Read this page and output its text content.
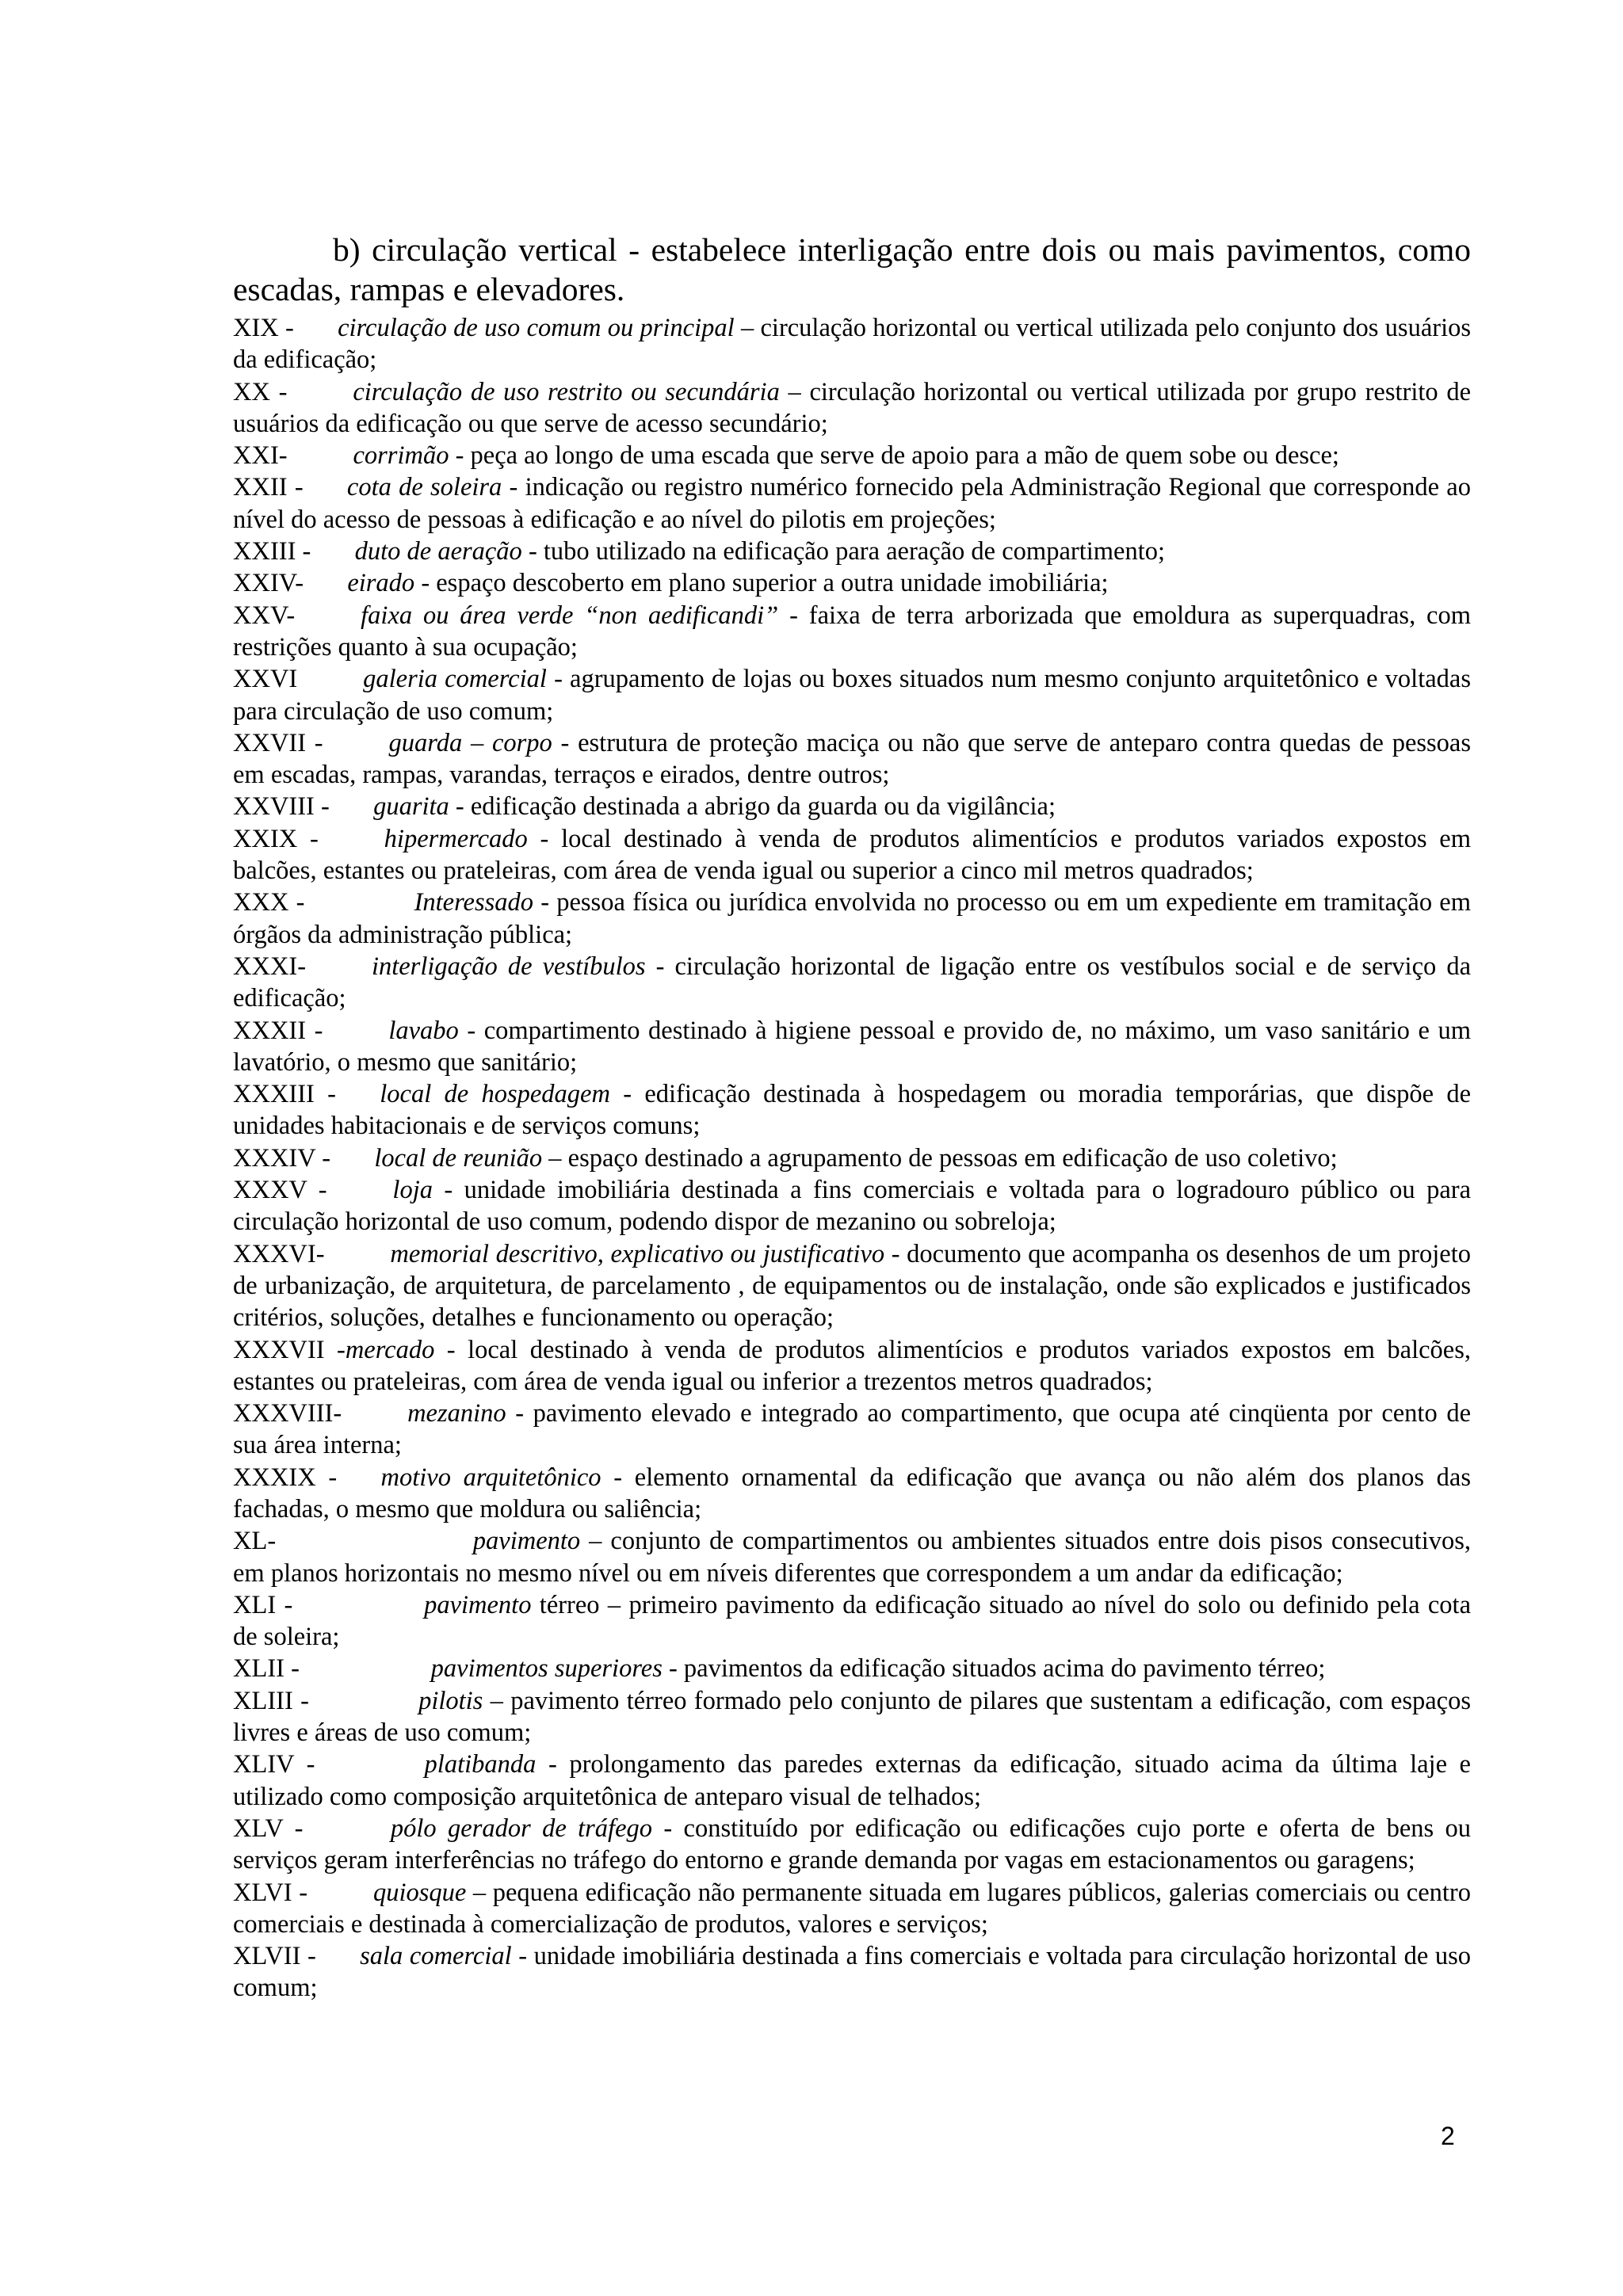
b) circulação vertical - estabelece interligação entre dois ou mais pavimentos, como escadas, rampas e elevadores.

XIX - circulação de uso comum ou principal – circulação horizontal ou vertical utilizada pelo conjunto dos usuários da edificação;

XX -	circulação de uso restrito ou secundária – circulação horizontal ou vertical utilizada por grupo restrito de usuários da edificação ou que serve de acesso secundário;

XXI-	corrimão - peça ao longo de uma escada que serve de apoio para a mão de quem sobe ou desce;

XXII - cota de soleira - indicação ou registro numérico fornecido pela Administração Regional que corresponde ao nível do acesso de pessoas à edificação e ao nível do pilotis em projeções;

XXIII - duto de aeração - tubo utilizado na edificação para aeração de compartimento;

XXIV- eirado - espaço descoberto em plano superior a outra unidade imobiliária;

XXV-	faixa ou área verde “non aedificandi” - faixa de terra arborizada que emoldura as superquadras, com restrições quanto à sua ocupação;

XXVI	galeria comercial - agrupamento de lojas ou boxes situados num mesmo conjunto arquitetônico e voltadas para circulação de uso comum;

XXVII -	guarda – corpo - estrutura de proteção maciça ou não que serve de anteparo contra quedas de pessoas em escadas, rampas, varandas, terraços e eirados, dentre outros;

XXVIII - guarita - edificação destinada a abrigo da guarda ou da vigilância;

XXIX -	hipermercado - local destinado à venda de produtos alimentícios e produtos variados expostos em balcões, estantes ou prateleiras, com área de venda igual ou superior a cinco mil metros quadrados;

XXX -	Interessado - pessoa física ou jurídica envolvida no processo ou em um expediente em tramitação em órgãos da administração pública;

XXXI-	interligação de vestíbulos - circulação horizontal de ligação entre os vestíbulos social e de serviço da edificação;

XXXII -	lavabo - compartimento destinado à higiene pessoal e provido de, no máximo, um vaso sanitário e um lavatório, o mesmo que sanitário;

XXXIII - local de hospedagem - edificação destinada à hospedagem ou moradia temporárias, que dispõe de unidades habitacionais e de serviços comuns;

XXXIV - local de reunião – espaço destinado a agrupamento de pessoas em edificação de uso coletivo;

XXXV -	loja - unidade imobiliária destinada a fins comerciais e voltada para o logradouro público ou para circulação horizontal de uso comum, podendo dispor de mezanino ou sobreloja;

XXXVI-	memorial descritivo, explicativo ou justificativo - documento que acompanha os desenhos de um projeto de urbanização, de arquitetura, de parcelamento , de equipamentos ou de instalação, onde são explicados e justificados critérios, soluções, detalhes e funcionamento ou operação;

XXXVII -mercado - local destinado à venda de produtos alimentícios e produtos variados expostos em balcões, estantes ou prateleiras, com área de venda igual ou inferior a trezentos metros quadrados;

XXXVIII-	mezanino - pavimento elevado e integrado ao compartimento, que ocupa até cinqüenta por cento de sua área interna;

XXXIX - motivo arquitetônico - elemento ornamental da edificação que avança ou não além dos planos das fachadas, o mesmo que moldura ou saliência;

XL-	pavimento – conjunto de compartimentos ou ambientes situados entre dois pisos consecutivos, em planos horizontais no mesmo nível ou em níveis diferentes que correspondem a um andar da edificação;

XLI -	pavimento térreo – primeiro pavimento da edificação situado ao nível do solo ou definido pela cota de soleira;

XLII -	pavimentos superiores - pavimentos da edificação situados acima do pavimento térreo;

XLIII -	pilotis – pavimento térreo formado pelo conjunto de pilares que sustentam a edificação, com espaços livres e áreas de uso comum;

XLIV -	platibanda - prolongamento das paredes externas da edificação, situado acima da última laje e utilizado como composição arquitetônica de anteparo visual de telhados;

XLV -	pólo gerador de tráfego - constituído por edificação ou edificações cujo porte e oferta de bens ou serviços geram interferências no tráfego do entorno e grande demanda por vagas em estacionamentos ou garagens;

XLVI -	quiosque – pequena edificação não permanente situada em lugares públicos, galerias comerciais ou centro comerciais e destinada à comercialização de produtos, valores e serviços;

XLVII - sala comercial - unidade imobiliária destinada a fins comerciais e voltada para circulação horizontal de uso comum;

2
